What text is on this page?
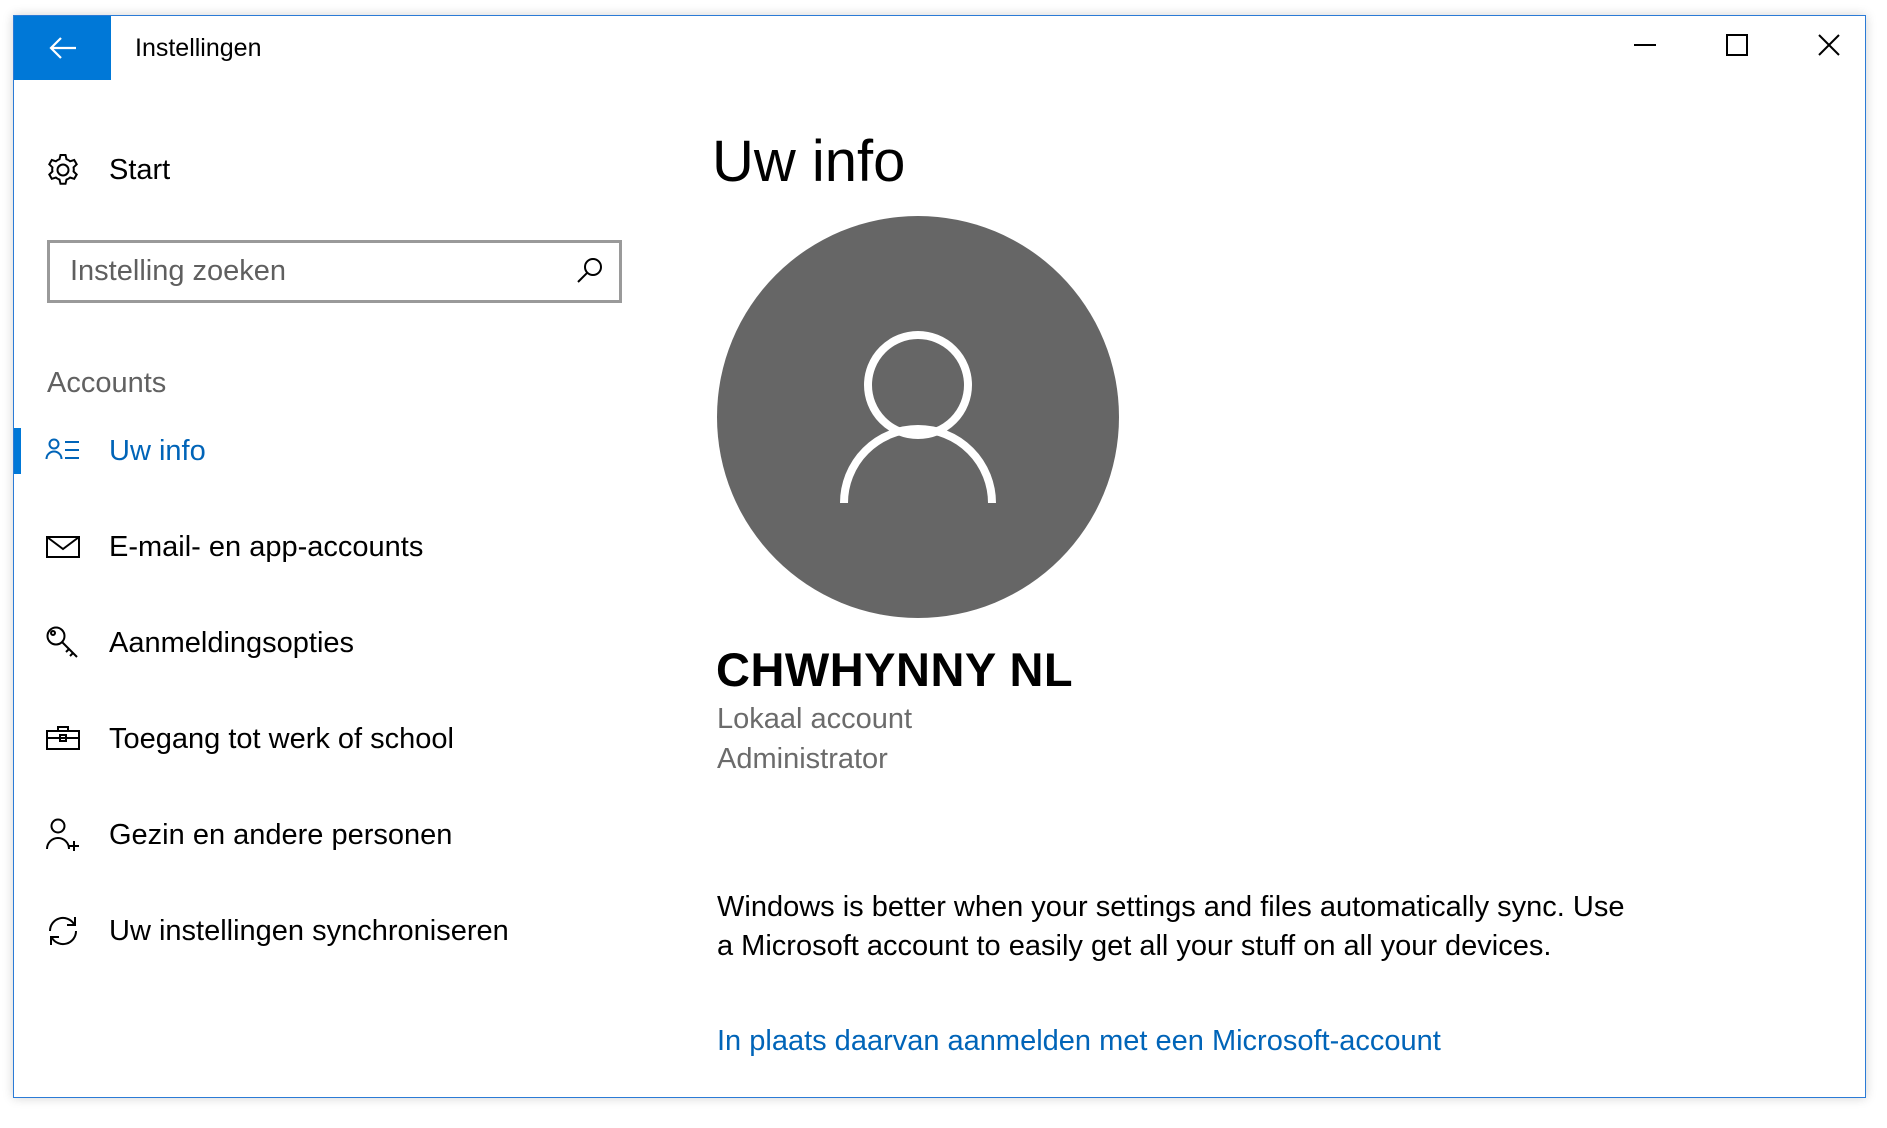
Instellingen
Start
Instelling zoeken
Accounts
Uw info
E-mail- en app-accounts
Aanmeldingsopties
Toegang tot werk of school
Gezin en andere personen
Uw instellingen synchroniseren
Uw info
CHWHYNNY NL
Lokaal account
Administrator
Windows is better when your settings and files automatically sync. Use a Microsoft account to easily get all your stuff on all your devices.
In plaats daarvan aanmelden met een Microsoft-account
